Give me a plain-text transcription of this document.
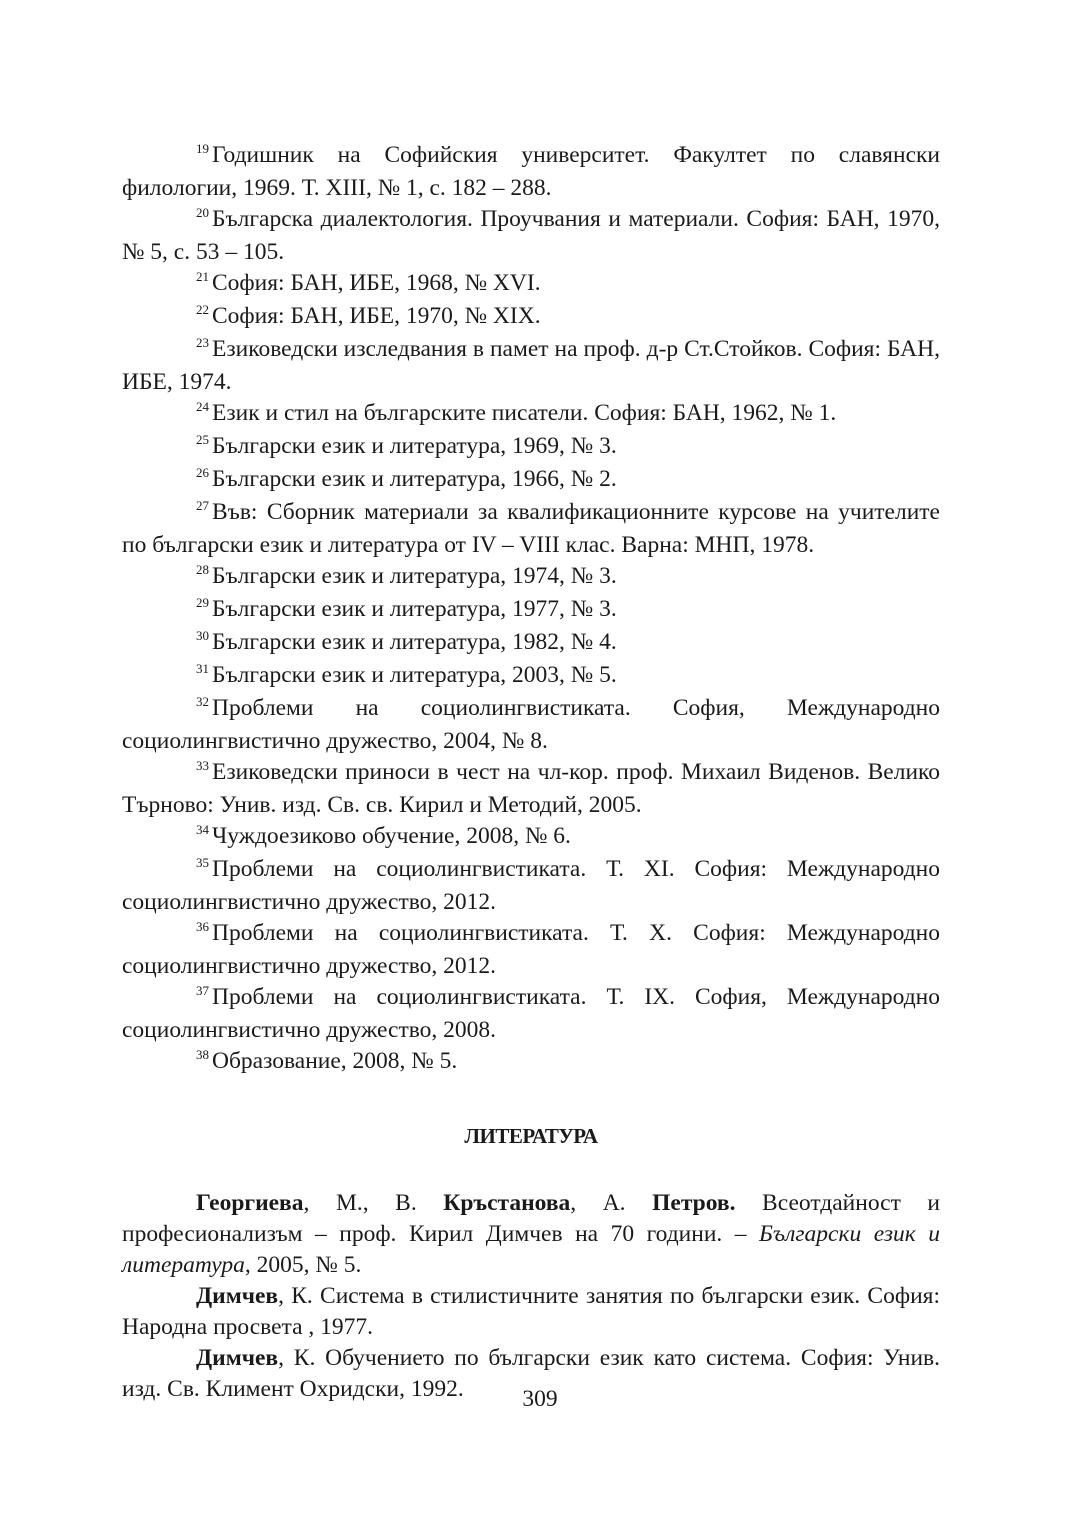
$^{19}$ Годишник на Софийския университет. Факултет по славянски филологии, 1969. Т. XIII, № 1, с. 182 – 288.

$^{20}$ Българска диалектология. Проучвания и материали. София: БАН, 1970, № 5, с. 53 – 105.

$^{21}$ София: БАН, ИБЕ, 1968, № XVI.

$^{22}$ София: БАН, ИБЕ, 1970, № XIX.

$^{23}$ Езиковедски изследвания в памет на проф. д-р Ст.Стойков. София: БАН, ИБЕ, 1974.

$^{24}$ Език и стил на българските писатели. София: БАН, 1962, № 1.

$^{25}$ Български език и литература, 1969, № 3.

$^{26}$ Български език и литература, 1966, № 2.

$^{27}$ Във: Сборник материали за квалификационните курсове на учителите по български език и литература от IV – VIII клас. Варна: МНП, 1978.

$^{28}$ Български език и литература, 1974, № 3.

$^{29}$ Български език и литература, 1977, № 3.

$^{30}$ Български език и литература, 1982, № 4.

$^{31}$ Български език и литература, 2003, № 5.

$^{32}$ Проблеми на социолингвистиката. София, Международно социолингвистично дружество, 2004, № 8.

$^{33}$ Езиковедски приноси в чест на чл-кор. проф. Михаил Виденов. Велико Търново: Унив. изд. Св. св. Кирил и Методий, 2005.

$^{34}$ Чуждоезиково обучение, 2008, № 6.

$^{35}$ Проблеми на социолингвистиката. Т. XI. София: Международно социолингвистично дружество, 2012.

$^{36}$ Проблеми на социолингвистиката. Т. Х. София: Международно социолингвистично дружество, 2012.

$^{37}$ Проблеми на социолингвистиката. Т. IX. София, Международно социолингвистично дружество, 2008.

$^{38}$ Образование, 2008, № 5.

ЛИТЕРАТУРА

Георгиева, М., В. Кръстанова, А. Петров. Всеотдайност и професионализъм – проф. Кирил Димчев на 70 години. – Български език и литература, 2005, № 5.

Димчев, К. Система в стилистичните занятия по български език. София: Народна просвета , 1977.

Димчев, К. Обучението по български език като система. София: Унив. изд. Св. Климент Охридски, 1992.	309
